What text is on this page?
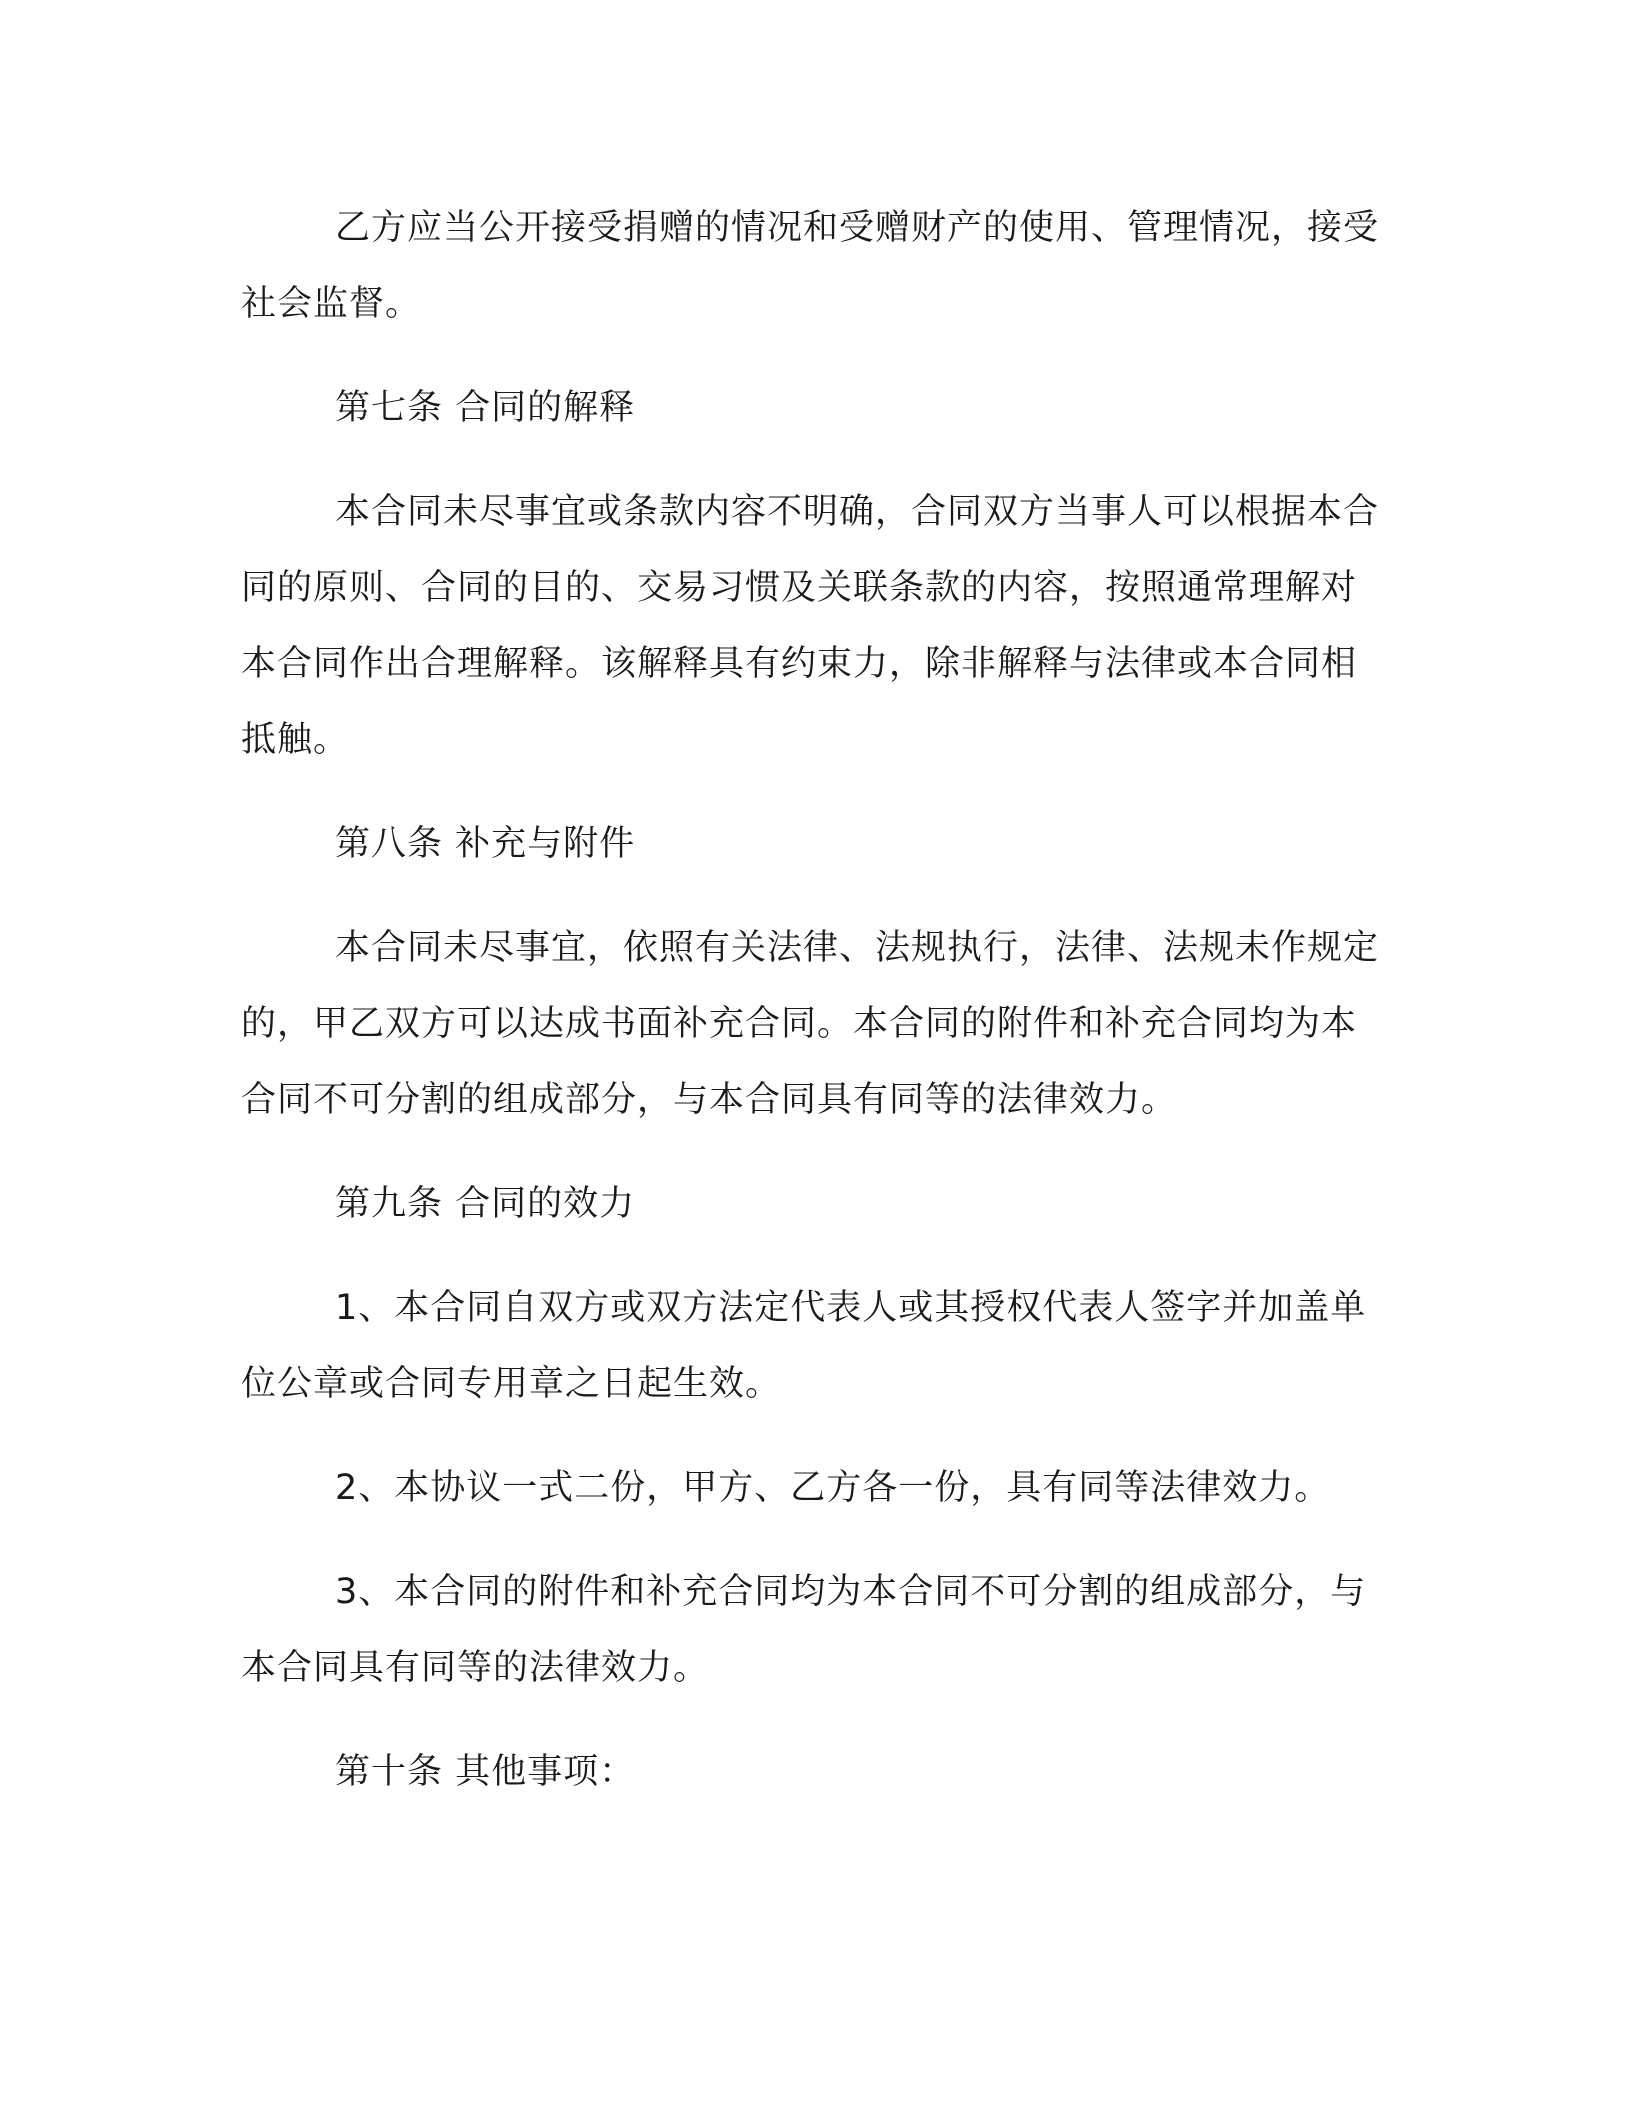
乙方应当公开接受捐赠的情况和受赠财产的使用、管理情况，接受社会监督。

第七条 合同的解释

本合同未尽事宜或条款内容不明确，合同双方当事人可以根据本合同的原则、合同的目的、交易习惯及关联条款的内容，按照通常理解对本合同作出合理解释。该解释具有约束力，除非解释与法律或本合同相抵触。

第八条 补充与附件

本合同未尽事宜，依照有关法律、法规执行，法律、法规未作规定的，甲乙双方可以达成书面补充合同。本合同的附件和补充合同均为本合同不可分割的组成部分，与本合同具有同等的法律效力。

第九条 合同的效力

1、本合同自双方或双方法定代表人或其授权代表人签字并加盖单位公章或合同专用章之日起生效。

2、本协议一式二份，甲方、乙方各一份，具有同等法律效力。

3、本合同的附件和补充合同均为本合同不可分割的组成部分，与本合同具有同等的法律效力。

第十条 其他事项：
